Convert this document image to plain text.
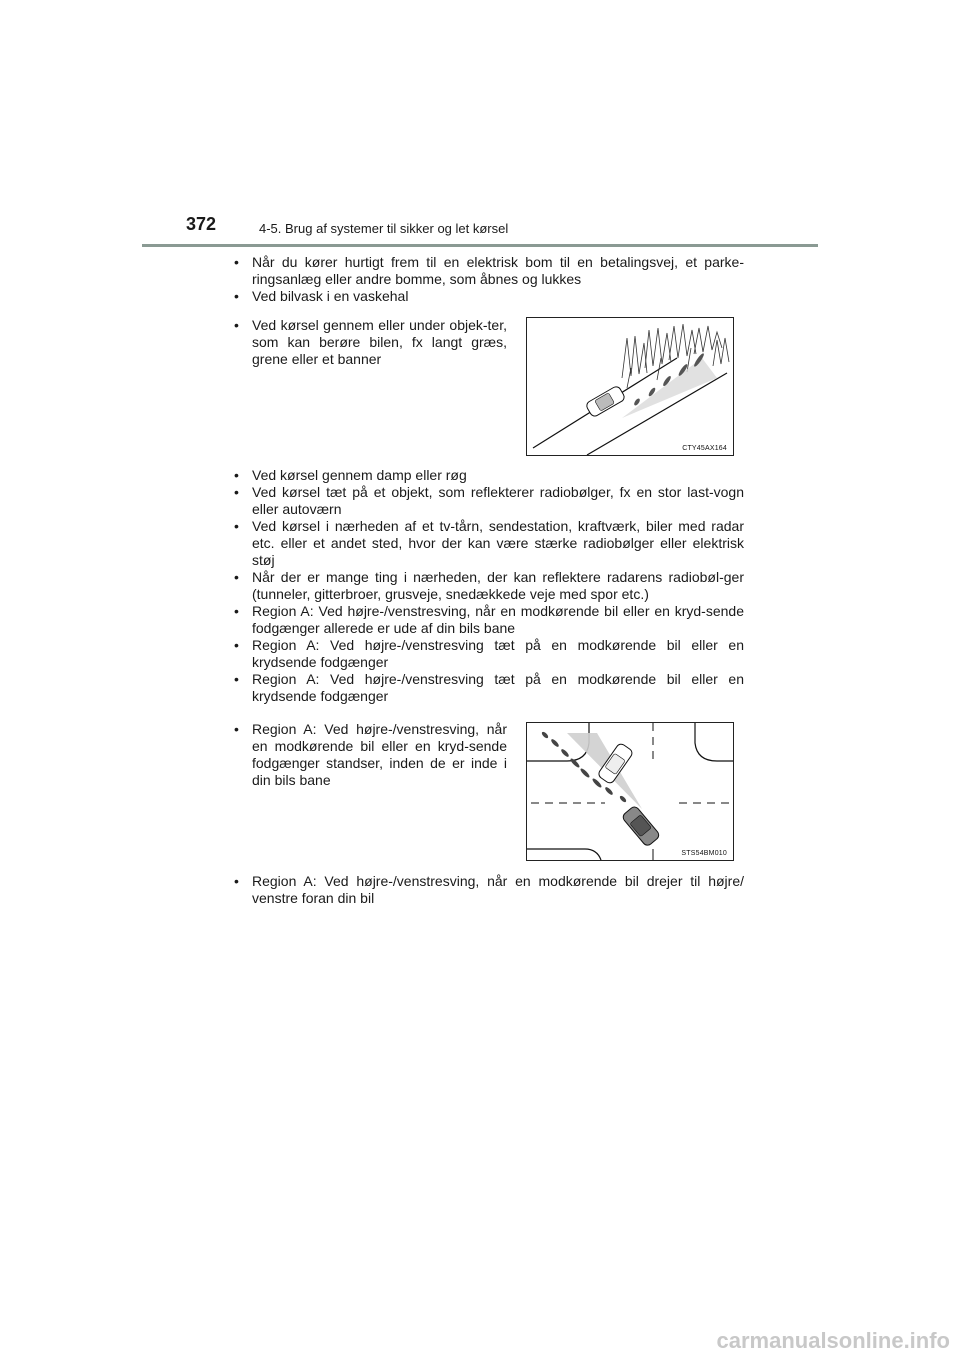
372	4-5. Brug af systemer til sikker og let kørsel
• Når du kører hurtigt frem til en elektrisk bom til en betalingsvej, et parke-ringsanlæg eller andre bomme, som åbnes og lukkes
• Ved bilvask i en vaskehal
• Ved kørsel gennem eller under objek-ter, som kan berøre bilen, fx langt græs, grene eller et banner
CTY45AX164
• Ved kørsel gennem damp eller røg
• Ved kørsel tæt på et objekt, som reflekterer radiobølger, fx en stor last-vogn eller autoværn
• Ved kørsel i nærheden af et tv-tårn, sendestation, kraftværk, biler med radar etc. eller et andet sted, hvor der kan være stærke radiobølger eller elektrisk støj
• Når der er mange ting i nærheden, der kan reflektere radarens radiobøl-ger (tunneler, gitterbroer, grusveje, snedækkede veje med spor etc.)
• Region A: Ved højre-/venstresving, når en modkørende bil eller en kryd-sende fodgænger allerede er ude af din bils bane
• Region A: Ved højre-/venstresving tæt på en modkørende bil eller en krydsende fodgænger
• Region A: Ved højre-/venstresving tæt på en modkørende bil eller en krydsende fodgænger
• Region A: Ved højre-/venstresving, når en modkørende bil eller en kryd-sende fodgænger standser, inden de er inde i din bils bane
STS54BM010
• Region A: Ved højre-/venstresving, når en modkørende bil drejer til højre/ venstre foran din bil
carmanualsonline.info
